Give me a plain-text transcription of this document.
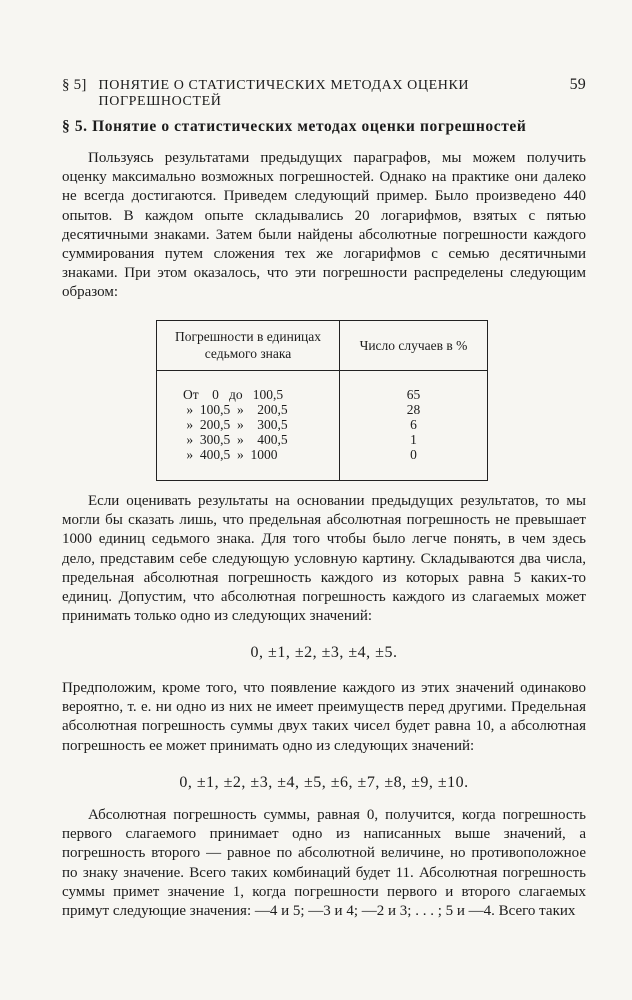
§ 5] ПОНЯТИЕ О СТАТИСТИЧЕСКИХ МЕТОДАХ ОЦЕНКИ ПОГРЕШНОСТЕЙ
59
§ 5. Понятие о статистических методах оценки погрешностей
Пользуясь результатами предыдущих параграфов, мы можем получить оценку максимально возможных погрешностей. Однако на практике они далеко не всегда достигаются. Приведем следующий пример. Было произведено 440 опытов. В каждом опыте складывались 20 логарифмов, взятых с пятью десятичными знаками. Затем были найдены абсолютные погрешности каждого суммирования путем сложения тех же логарифмов с семью десятичными знаками. При этом оказалось, что эти погрешности распределены следующим образом:
Погрешности в единицах седьмого знака	Число случаев в %
От    0   до   100,5	65
»  100,5  »    200,5	28
»  200,5  »    300,5	6
»  300,5  »    400,5	1
»  400,5  »  1000	0
Если оценивать результаты на основании предыдущих результатов, то мы могли бы сказать лишь, что предельная абсолютная погрешность не превышает 1000 единиц седьмого знака. Для того чтобы было легче понять, в чем здесь дело, представим себе следующую условную картину. Складываются два числа, предельная абсолютная погрешность каждого из которых равна 5 каких-то единиц. Допустим, что абсолютная погрешность каждого из слагаемых может принимать только одно из следующих значений:
0, ±1, ±2, ±3, ±4, ±5.
Предположим, кроме того, что появление каждого из этих значений одинаково вероятно, т. е. ни одно из них не имеет преимуществ перед другими. Предельная абсолютная погрешность суммы двух таких чисел будет равна 10, а абсолютная погрешность ее может принимать одно из следующих значений:
0, ±1, ±2, ±3, ±4, ±5, ±6, ±7, ±8, ±9, ±10.
Абсолютная погрешность суммы, равная 0, получится, когда погрешность первого слагаемого принимает одно из написанных выше значений, а погрешность второго — равное по абсолютной величине, но противоположное по знаку значение. Всего таких комбинаций будет 11. Абсолютная погрешность суммы примет значение 1, когда погрешности первого и второго слагаемых примут следующие значения: —4 и 5; —3 и 4; —2 и 3; . . . ; 5 и —4. Всего таких
